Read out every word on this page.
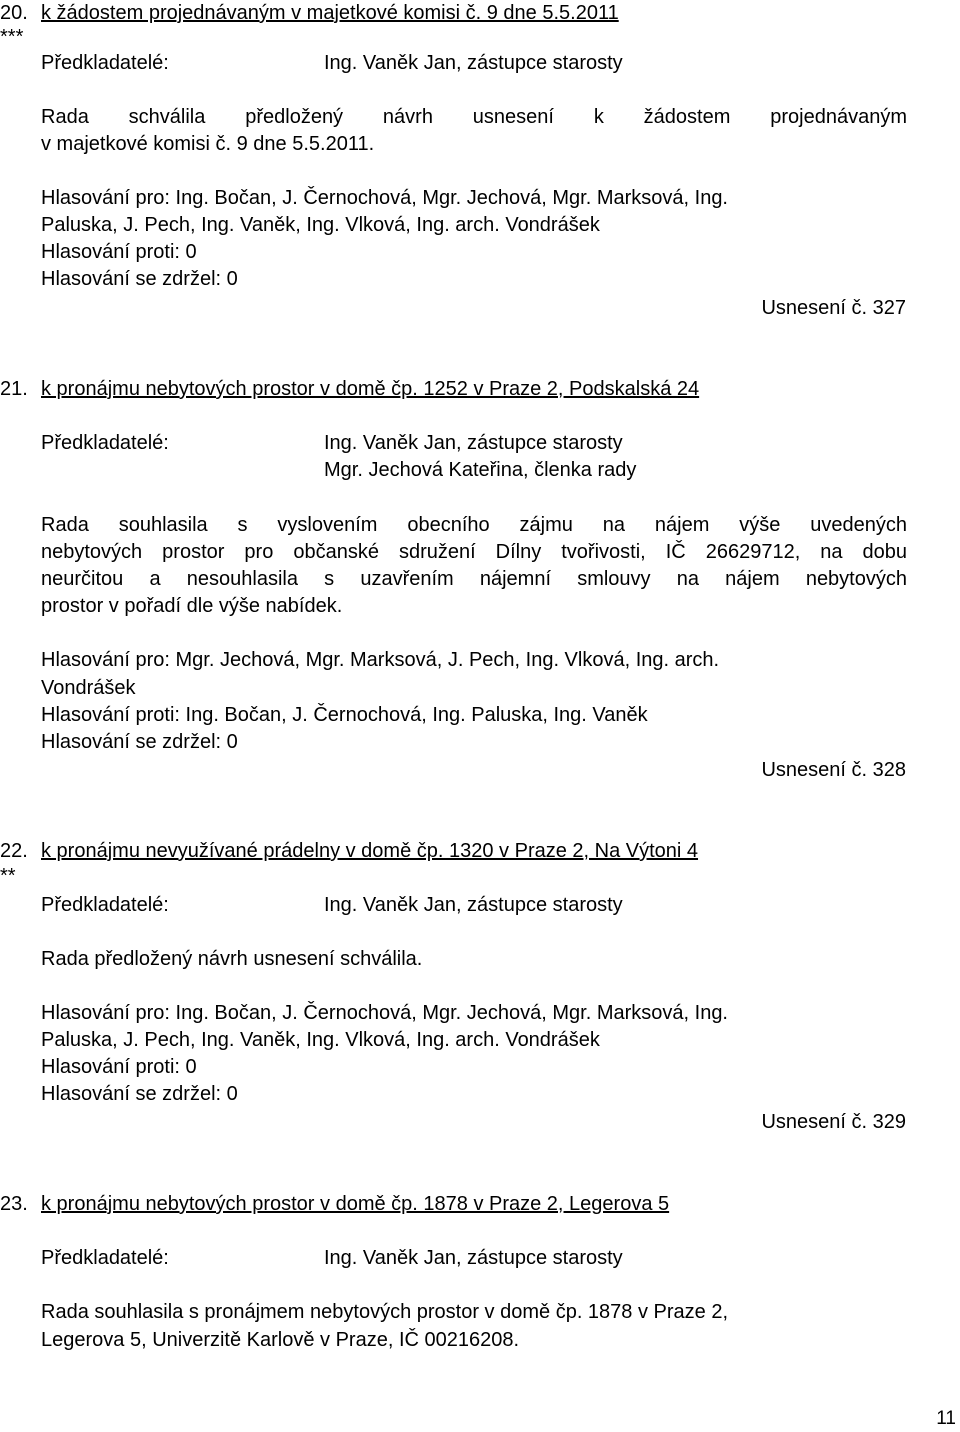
20. k žádostem projednávaným v majetkové komisi č. 9 dne 5.5.2011
***
Předkladatelé:	Ing. Vaněk Jan, zástupce starosty
Rada schválila předložený návrh usnesení k žádostem projednávaným
v majetkové komisi č. 9 dne 5.5.2011.
Hlasování pro: Ing. Bočan, J. Černochová, Mgr. Jechová, Mgr. Marksová, Ing.
Paluska, J. Pech, Ing. Vaněk, Ing. Vlková, Ing. arch. Vondrášek
Hlasování proti: 0
Hlasování se zdržel: 0
Usnesení č. 327
21. k pronájmu nebytových prostor v domě čp. 1252 v Praze 2, Podskalská 24
Předkladatelé:	Ing. Vaněk Jan, zástupce starosty
Mgr. Jechová Kateřina, členka rady
Rada souhlasila s vyslovením obecního zájmu na nájem výše uvedených
nebytových prostor pro občanské sdružení Dílny tvořivosti, IČ 26629712, na dobu
neurčitou a nesouhlasila s uzavřením nájemní smlouvy na nájem nebytových
prostor v pořadí dle výše nabídek.
Hlasování pro: Mgr. Jechová, Mgr. Marksová, J. Pech, Ing. Vlková, Ing. arch.
Vondrášek
Hlasování proti: Ing. Bočan, J. Černochová, Ing. Paluska, Ing. Vaněk
Hlasování se zdržel: 0
Usnesení č. 328
22. k pronájmu nevyužívané prádelny v domě čp. 1320 v Praze 2, Na Výtoni 4
**
Předkladatelé:	Ing. Vaněk Jan, zástupce starosty
Rada předložený návrh usnesení schválila.
Hlasování pro: Ing. Bočan, J. Černochová, Mgr. Jechová, Mgr. Marksová, Ing.
Paluska, J. Pech, Ing. Vaněk, Ing. Vlková, Ing. arch. Vondrášek
Hlasování proti: 0
Hlasování se zdržel: 0
Usnesení č. 329
23. k pronájmu nebytových prostor v domě čp. 1878 v Praze 2, Legerova 5
Předkladatelé:	Ing. Vaněk Jan, zástupce starosty
Rada souhlasila s pronájmem nebytových prostor v domě čp. 1878 v Praze 2,
Legerova 5, Univerzitě Karlově v Praze, IČ 00216208.
11
